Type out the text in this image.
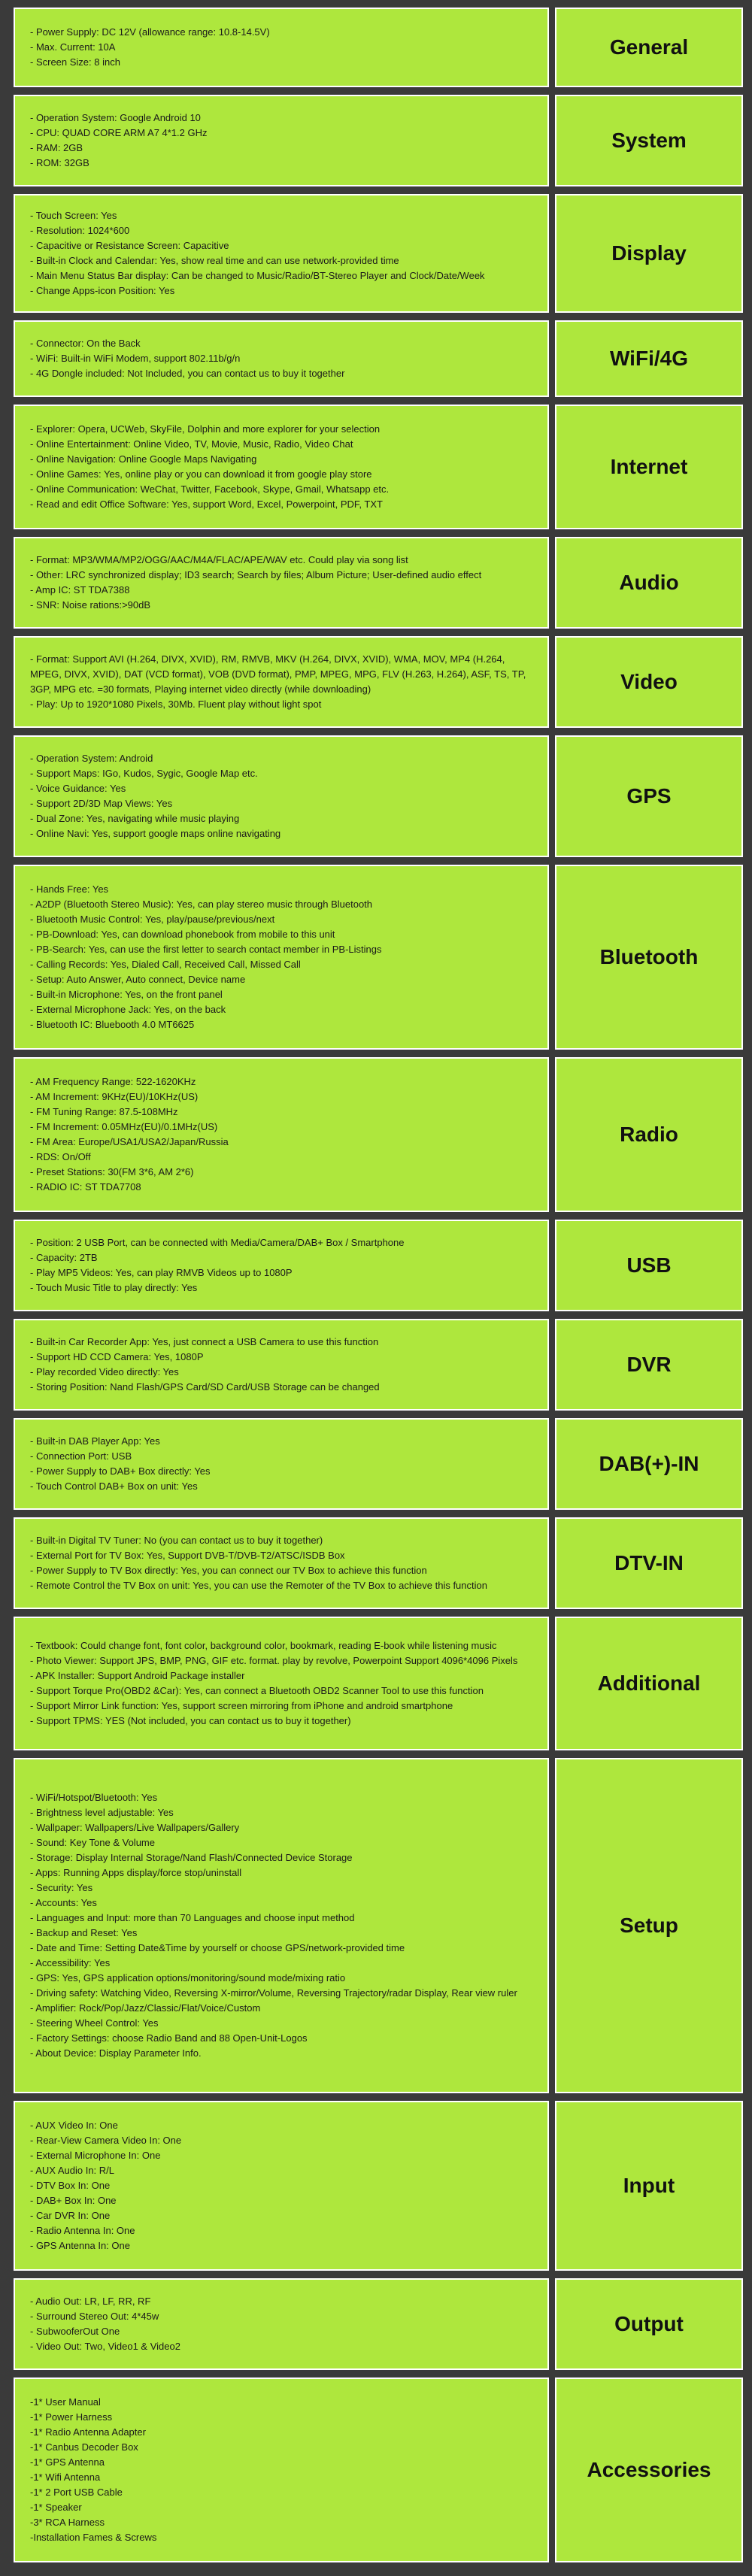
- Power Supply: DC 12V (allowance range: 10.8-14.5V)
- Max. Current: 10A
- Screen Size: 8 inch
General
- Operation System: Google Android 10
- CPU: QUAD CORE ARM A7 4*1.2 GHz
- RAM: 2GB
- ROM: 32GB
System
- Touch Screen: Yes
- Resolution: 1024*600
- Capacitive or Resistance Screen: Capacitive
- Built-in Clock and Calendar: Yes, show real time and can use network-provided time
- Main Menu Status Bar display: Can be changed to Music/Radio/BT-Stereo Player and Clock/Date/Week
- Change Apps-icon Position: Yes
Display
- Connector: On the Back
- WiFi: Built-in WiFi Modem, support 802.11b/g/n
- 4G Dongle included: Not Included, you can contact us to buy it together
WiFi/4G
- Explorer: Opera, UCWeb, SkyFile, Dolphin and more explorer for your selection
- Online Entertainment: Online Video, TV, Movie, Music, Radio, Video Chat
- Online Navigation: Online Google Maps Navigating
- Online Games: Yes, online play or you can download it from google play store
- Online Communication: WeChat, Twitter, Facebook, Skype, Gmail, Whatsapp etc.
- Read and edit Office Software: Yes, support Word, Excel, Powerpoint, PDF, TXT
Internet
- Format: MP3/WMA/MP2/OGG/AAC/M4A/FLAC/APE/WAV etc. Could play via song list
- Other: LRC synchronized display; ID3 search; Search by files; Album Picture; User-defined audio effect
- Amp IC: ST TDA7388
- SNR: Noise rations:>90dB
Audio
- Format: Support AVI (H.264, DIVX, XVID), RM, RMVB, MKV (H.264, DIVX, XVID), WMA, MOV, MP4 (H.264, MPEG, DIVX, XVID), DAT (VCD format), VOB (DVD format), PMP, MPEG, MPG, FLV (H.263, H.264), ASF, TS, TP, 3GP, MPG etc. =30 formats, Playing internet video directly (while downloading)
- Play: Up to 1920*1080 Pixels, 30Mb. Fluent play without light spot
Video
- Operation System: Android
- Support Maps: IGo, Kudos, Sygic, Google Map etc.
- Voice Guidance: Yes
- Support 2D/3D Map Views: Yes
- Dual Zone: Yes, navigating while music playing
- Online Navi: Yes, support google maps online navigating
GPS
- Hands Free: Yes
- A2DP (Bluetooth Stereo Music): Yes, can play stereo music through Bluetooth
- Bluetooth Music Control: Yes, play/pause/previous/next
- PB-Download: Yes, can download phonebook from mobile to this unit
- PB-Search: Yes, can use the first letter to search contact member in PB-Listings
- Calling Records: Yes, Dialed Call, Received Call, Missed Call
- Setup: Auto Answer, Auto connect, Device name
- Built-in Microphone: Yes, on the front panel
- External Microphone Jack: Yes, on the back
- Bluetooth IC: Bluebooth 4.0 MT6625
Bluetooth
- AM Frequency Range: 522-1620KHz
- AM Increment: 9KHz(EU)/10KHz(US)
- FM Tuning Range: 87.5-108MHz
- FM Increment: 0.05MHz(EU)/0.1MHz(US)
- FM Area: Europe/USA1/USA2/Japan/Russia
- RDS: On/Off
- Preset Stations: 30(FM 3*6, AM 2*6)
- RADIO IC: ST TDA7708
Radio
- Position: 2 USB Port, can be connected with Media/Camera/DAB+ Box / Smartphone
- Capacity: 2TB
- Play MP5 Videos: Yes, can play RMVB Videos up to 1080P
- Touch Music Title to play directly: Yes
USB
- Built-in Car Recorder App: Yes, just connect a USB Camera to use this function
- Support HD CCD Camera: Yes, 1080P
- Play recorded Video directly: Yes
- Storing Position: Nand Flash/GPS Card/SD Card/USB Storage can be changed
DVR
- Built-in DAB Player App: Yes
- Connection Port: USB
- Power Supply to DAB+ Box directly: Yes
- Touch Control DAB+ Box on unit: Yes
DAB(+)-IN
- Built-in Digital TV Tuner: No (you can contact us to buy it together)
- External Port for TV Box: Yes, Support DVB-T/DVB-T2/ATSC/ISDB Box
- Power Supply to TV Box directly: Yes, you can connect our TV Box to achieve this function
- Remote Control the TV Box on unit: Yes, you can use the Remoter of the TV Box to achieve this function
DTV-IN
- Textbook: Could change font, font color, background color, bookmark, reading E-book while listening music
- Photo Viewer: Support JPS, BMP, PNG, GIF etc. format. play by revolve, Powerpoint Support 4096*4096 Pixels
- APK Installer: Support Android Package installer
- Support Torque Pro(OBD2 &Car): Yes, can connect a Bluetooth OBD2 Scanner Tool to use this function
- Support Mirror Link function: Yes, support screen mirroring from iPhone and android smartphone
- Support TPMS: YES (Not included, you can contact us to buy it together)
Additional
- WiFi/Hotspot/Bluetooth: Yes
- Brightness level adjustable: Yes
- Wallpaper: Wallpapers/Live Wallpapers/Gallery
- Sound: Key Tone & Volume
- Storage: Display Internal Storage/Nand Flash/Connected Device Storage
- Apps: Running Apps display/force stop/uninstall
- Security: Yes
- Accounts: Yes
- Languages and Input: more than 70 Languages and choose input method
- Backup and Reset: Yes
- Date and Time: Setting Date&Time by yourself or choose GPS/network-provided time
- Accessibility: Yes
- GPS: Yes, GPS application options/monitoring/sound mode/mixing ratio
- Driving safety: Watching Video, Reversing X-mirror/Volume, Reversing Trajectory/radar Display, Rear view ruler
- Amplifier: Rock/Pop/Jazz/Classic/Flat/Voice/Custom
- Steering Wheel Control: Yes
- Factory Settings: choose Radio Band and 88 Open-Unit-Logos
- About Device: Display Parameter Info.
Setup
- AUX Video In: One
- Rear-View Camera Video In: One
- External Microphone In: One
- AUX Audio In: R/L
- DTV Box In: One
- DAB+ Box In: One
- Car DVR In: One
- Radio Antenna In: One
- GPS Antenna In: One
Input
- Audio Out: LR, LF, RR, RF
- Surround Stereo Out: 4*45w
- SubwooferOut One
- Video Out: Two, Video1 & Video2
Output
-1* User Manual
-1* Power Harness
-1* Radio Antenna Adapter
-1* Canbus Decoder Box
-1* GPS Antenna
-1* Wifi Antenna
-1* 2 Port USB Cable
-1* Speaker
-3* RCA Harness
-Installation Fames & Screws
Accessories
